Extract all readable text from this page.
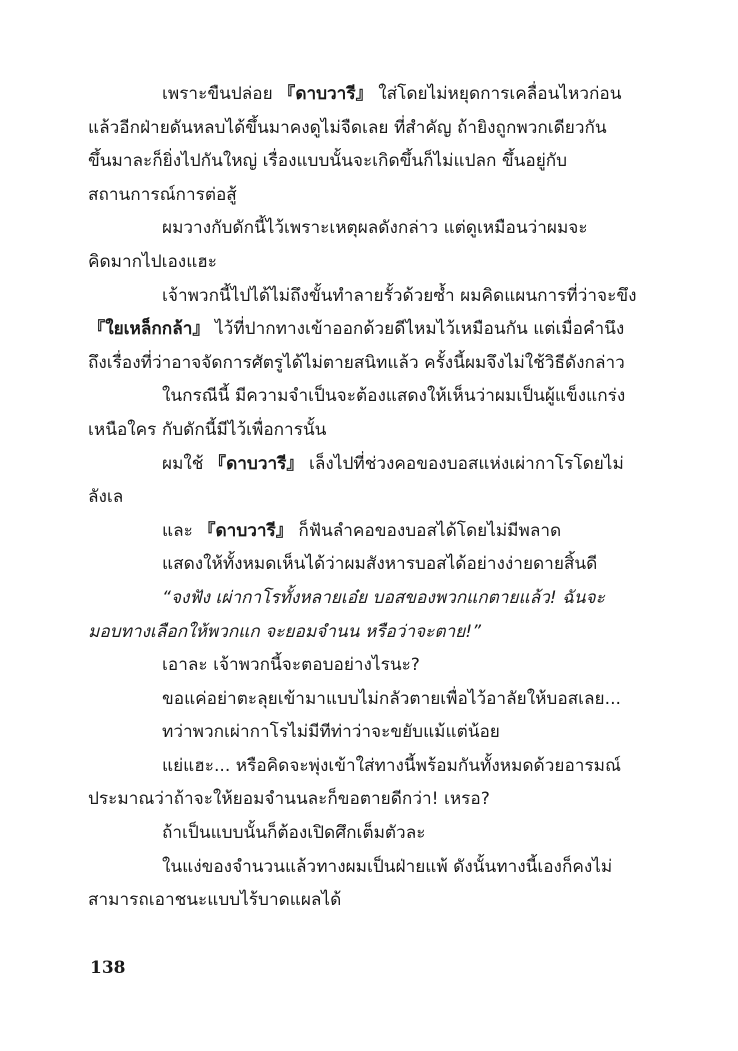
เพราะขืนปล่อย 『ดาบวารี』 ใส่โดยไม่หยุดการเคลื่อนไหวก่อน
แล้วอีกฝ่ายดันหลบได้ขึ้นมาคงดูไม่จืดเลย ที่สำคัญ ถ้ายิงถูกพวกเดียวกัน
ขึ้นมาละก็ยิ่งไปกันใหญ่ เรื่องแบบนั้นจะเกิดขึ้นก็ไม่แปลก ขึ้นอยู่กับ
สถานการณ์การต่อสู้
ผมวางกับดักนี้ไว้เพราะเหตุผลดังกล่าว แต่ดูเหมือนว่าผมจะ
คิดมากไปเองแฮะ
เจ้าพวกนี้ไปได้ไม่ถึงขั้นทำลายรั้วด้วยซ้ำ ผมคิดแผนการที่ว่าจะขึง
『ใยเหล็กกล้า』 ไว้ที่ปากทางเข้าออกด้วยดีไหมไว้เหมือนกัน แต่เมื่อคำนึง
ถึงเรื่องที่ว่าอาจจัดการศัตรูได้ไม่ตายสนิทแล้ว ครั้งนี้ผมจึงไม่ใช้วิธีดังกล่าว
ในกรณีนี้ มีความจำเป็นจะต้องแสดงให้เห็นว่าผมเป็นผู้แข็งแกร่ง
เหนือใคร กับดักนี้มีไว้เพื่อการนั้น
ผมใช้ 『ดาบวารี』 เล็งไปที่ช่วงคอของบอสแห่งเผ่ากาโรโดยไม่
ลังเล
และ 『ดาบวารี』 ก็ฟันลำคอของบอสได้โดยไม่มีพลาด
แสดงให้ทั้งหมดเห็นได้ว่าผมสังหารบอสได้อย่างง่ายดายสิ้นดี
“จงฟัง เผ่ากาโรทั้งหลายเอ๋ย บอสของพวกแกตายแล้ว! ฉันจะ
มอบทางเลือกให้พวกแก จะยอมจำนน หรือว่าจะตาย!”
เอาละ เจ้าพวกนี้จะตอบอย่างไรนะ?
ขอแค่อย่าตะลุยเข้ามาแบบไม่กลัวตายเพื่อไว้อาลัยให้บอสเลย...
ทว่าพวกเผ่ากาโรไม่มีทีท่าว่าจะขยับแม้แต่น้อย
แย่แฮะ... หรือคิดจะพุ่งเข้าใส่ทางนี้พร้อมกันทั้งหมดด้วยอารมณ์
ประมาณว่าถ้าจะให้ยอมจำนนละก็ขอตายดีกว่า! เหรอ?
ถ้าเป็นแบบนั้นก็ต้องเปิดศึกเต็มตัวละ
ในแง่ของจำนวนแล้วทางผมเป็นฝ่ายแพ้ ดังนั้นทางนี้เองก็คงไม่
สามารถเอาชนะแบบไร้บาดแผลได้
138
